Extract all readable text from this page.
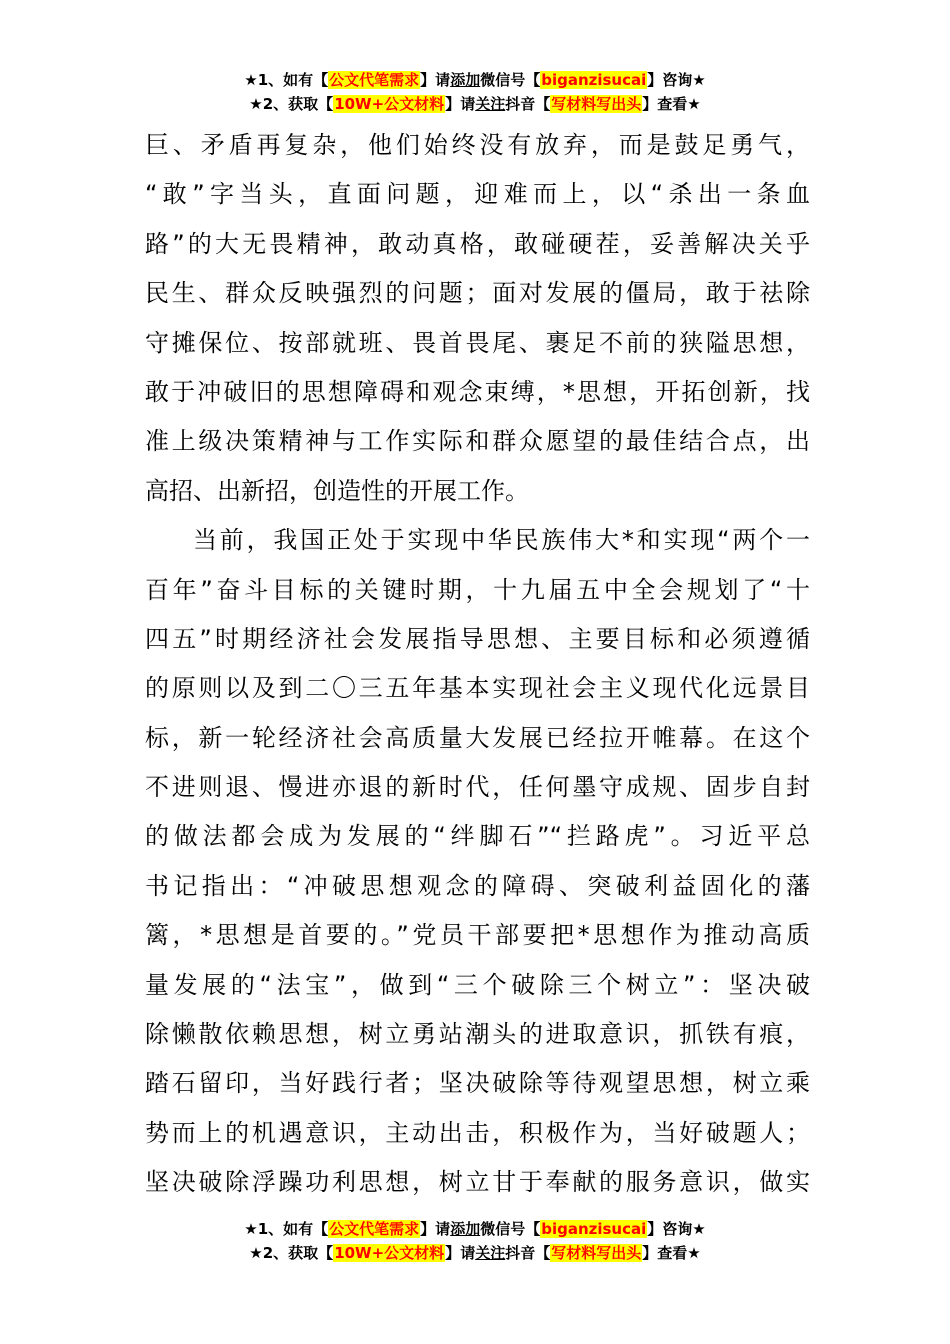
★1、如有【公文代笔需求】请添加微信号【biganzisucai】咨询★
★2、获取【10W+公文材料】请关注抖音【写材料写出头】查看★
巨、矛盾再复杂，他们始终没有放弃，而是鼓足勇气，
“敢”字当头，直面问题，迎难而上，以“杀出一条血
路”的大无畏精神，敢动真格，敢碰硬茬，妥善解决关乎
民生、群众反映强烈的问题；面对发展的僵局，敢于祛除
守摊保位、按部就班、畏首畏尾、裹足不前的狭隘思想，
敢于冲破旧的思想障碍和观念束缚，*思想，开拓创新，找
准上级决策精神与工作实际和群众愿望的最佳结合点，出
高招、出新招，创造性的开展工作。
当前，我国正处于实现中华民族伟大*和实现“两个一
百年”奋斗目标的关键时期，十九届五中全会规划了“十
四五”时期经济社会发展指导思想、主要目标和必须遵循
的原则以及到二〇三五年基本实现社会主义现代化远景目
标，新一轮经济社会高质量大发展已经拉开帷幕。在这个
不进则退、慢进亦退的新时代，任何墨守成规、固步自封
的做法都会成为发展的“绊脚石”“拦路虎”。习近平总
书记指出：“冲破思想观念的障碍、突破利益固化的藩
篱，*思想是首要的。”党员干部要把*思想作为推动高质
量发展的“法宝”，做到“三个破除三个树立”：坚决破
除懒散依赖思想，树立勇站潮头的进取意识，抓铁有痕，
踏石留印，当好践行者；坚决破除等待观望思想，树立乘
势而上的机遇意识，主动出击，积极作为，当好破题人；
坚决破除浮躁功利思想，树立甘于奉献的服务意识，做实
★1、如有【公文代笔需求】请添加微信号【biganzisucai】咨询★
★2、获取【10W+公文材料】请关注抖音【写材料写出头】查看★
